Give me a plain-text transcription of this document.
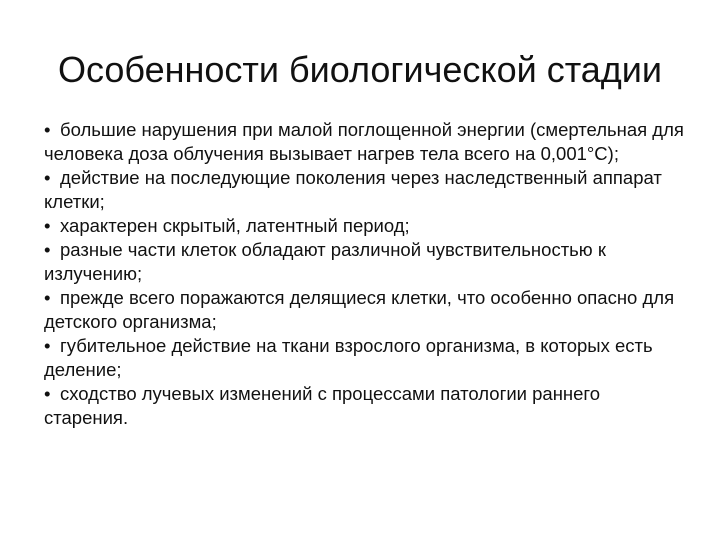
Особенности биологической стадии
• большие нарушения при малой поглощенной энергии (смертельная для человека доза облучения вызывает нагрев тела всего на 0,001°С);
• действие на последующие поколения через наследственный аппарат клетки;
• характерен скрытый, латентный период;
• разные части клеток обладают различной чувствительностью к излучению;
• прежде всего поражаются делящиеся клетки, что особенно опасно для детского организма;
• губительное действие на ткани взрослого организма, в которых есть деление;
• сходство лучевых изменений с процессами патологии раннего старения.
